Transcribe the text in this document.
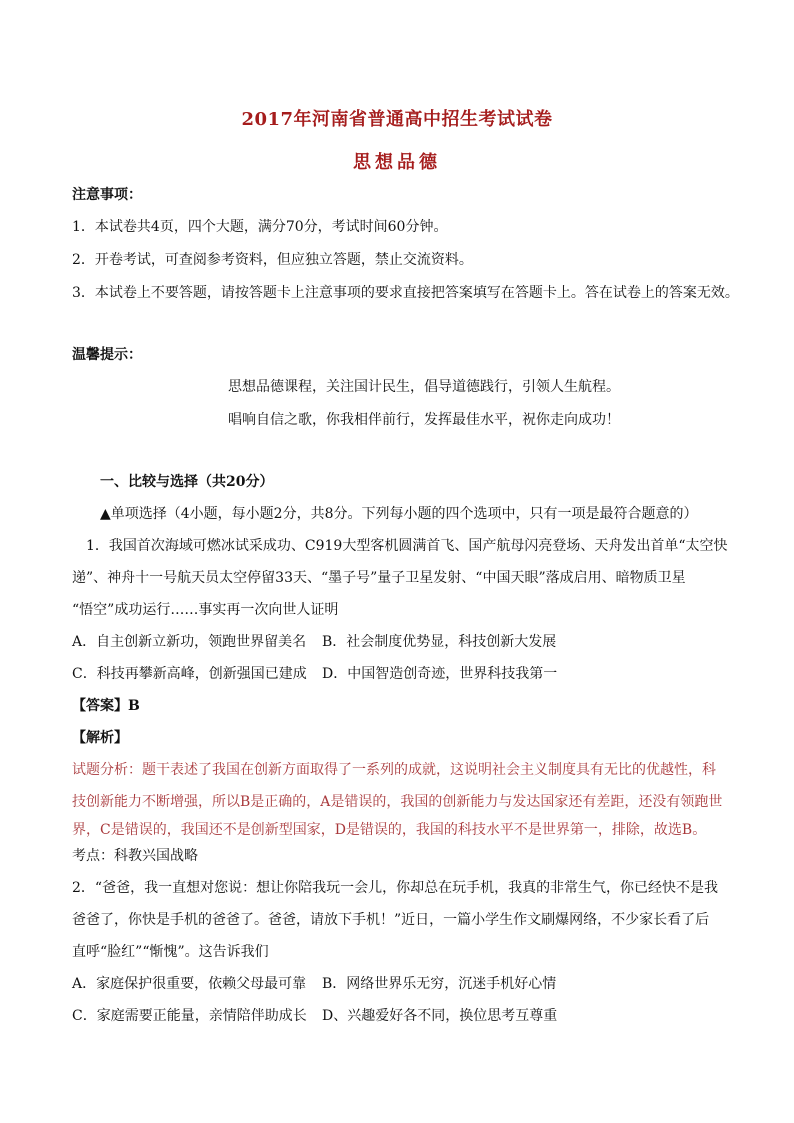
2017年河南省普通高中招生考试试卷
思想品德
注意事项：
1．本试卷共4页，四个大题，满分70分，考试时间60分钟。
2．开卷考试，可查阅参考资料，但应独立答题，禁止交流资料。
3．本试卷上不要答题，请按答题卡上注意事项的要求直接把答案填写在答题卡上。答在试卷上的答案无效。
温馨提示：
思想品德课程，关注国计民生，倡导道德践行，引领人生航程。
唱响自信之歌，你我相伴前行，发挥最佳水平，祝你走向成功！
一、比较与选择（共20分）
▲单项选择（4小题，每小题2分，共8分。下列每小题的四个选项中，只有一项是最符合题意的）
1．我国首次海域可燃冰试采成功、C919大型客机圆满首飞、国产航母闪亮登场、天舟发出首单“太空快
递”、神舟十一号航天员太空停留33天、“墨子号”量子卫星发射、“中国天眼”落成启用、暗物质卫星
“悟空”成功运行……事实再一次向世人证明
A．自主创新立新功，领跑世界留美名 B．社会制度优势显，科技创新大发展
C．科技再攀新高峰，创新强国已建成 D．中国智造创奇迹，世界科技我第一
【答案】B
【解析】
试题分析：题干表述了我国在创新方面取得了一系列的成就，这说明社会主义制度具有无比的优越性，科
技创新能力不断增强，所以B是正确的，A是错误的，我国的创新能力与发达国家还有差距，还没有领跑世
界，C是错误的，我国还不是创新型国家，D是错误的，我国的科技水平不是世界第一，排除，故选B。
考点：科教兴国战略
2．“爸爸，我一直想对您说：想让你陪我玩一会儿，你却总在玩手机，我真的非常生气，你已经快不是我
爸爸了，你快是手机的爸爸了。爸爸，请放下手机！”近日，一篇小学生作文刷爆网络，不少家长看了后
直呼“脸红”“惭愧”。这告诉我们
A．家庭保护很重要，依赖父母最可靠 B．网络世界乐无穷，沉迷手机好心情
C．家庭需要正能量，亲情陪伴助成长 D、兴趣爱好各不同，换位思考互尊重
